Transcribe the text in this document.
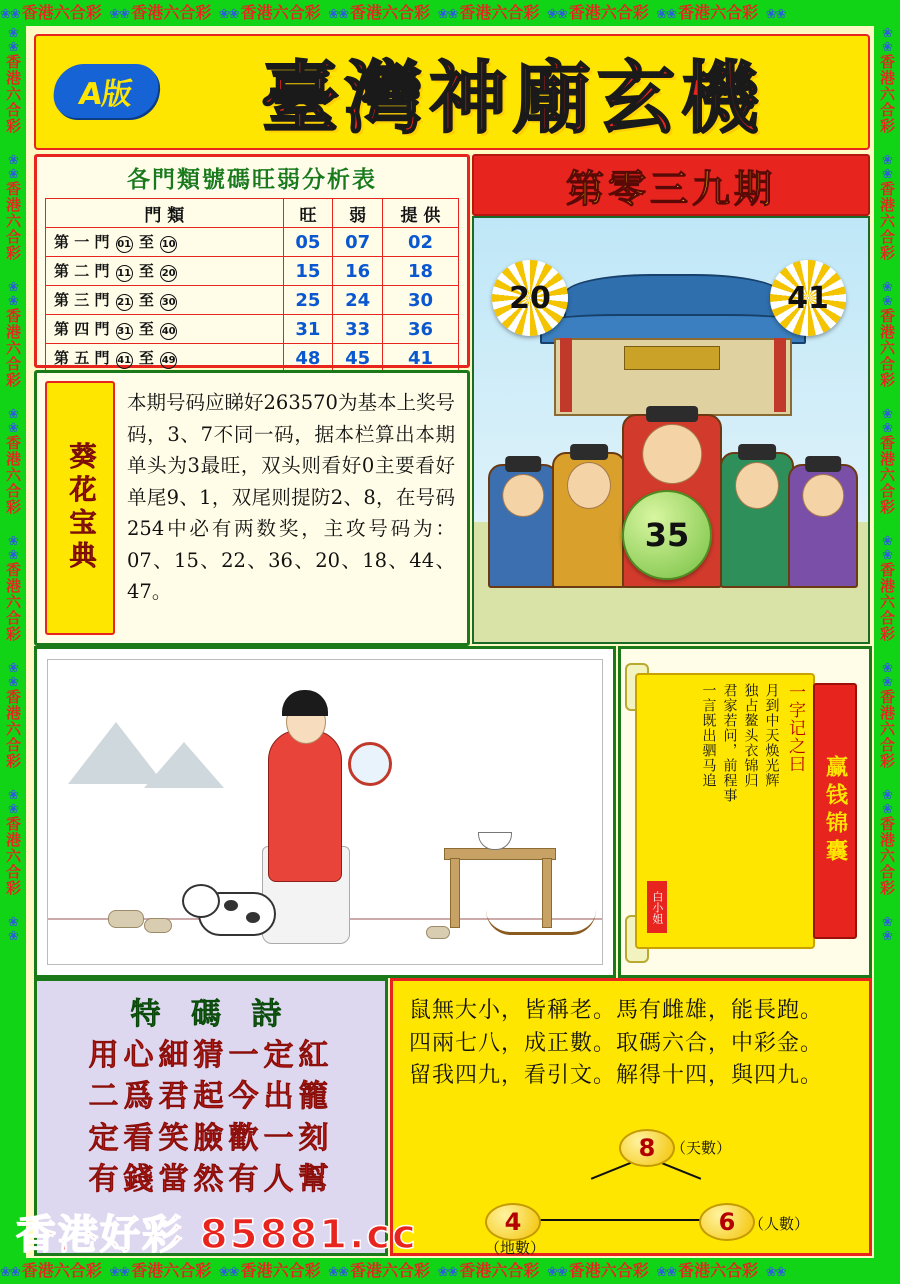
❀❀ 香港六合彩 ❀❀ 香港六合彩 ❀❀ 香港六合彩 ❀❀ 香港六合彩 ❀❀ 香港六合彩 ❀❀ 香港六合彩 ❀❀ 香港六合彩 ❀❀
❀❀ 香港六合彩 ❀❀ 香港六合彩 ❀❀ 香港六合彩 ❀❀ 香港六合彩 ❀❀ 香港六合彩 ❀❀ 香港六合彩 ❀❀ 香港六合彩 ❀❀
❀❀香港六合彩 ❀❀香港六合彩 ❀❀香港六合彩 ❀❀香港六合彩 ❀❀香港六合彩 ❀❀香港六合彩 ❀❀香港六合彩 ❀❀
❀❀香港六合彩 ❀❀香港六合彩 ❀❀香港六合彩 ❀❀香港六合彩 ❀❀香港六合彩 ❀❀香港六合彩 ❀❀香港六合彩 ❀❀
A版	臺灣神廟玄機
各門類號碼旺弱分析表
門 類	旺	弱	提 供
第 一 門 01 至 10	05	07	02
第 二 門 11 至 20	15	16	18
第 三 門 21 至 30	25	24	30
第 四 門 31 至 40	31	33	36
第 五 門 41 至 49	48	45	41
第零三九期
20	41
35
葵花宝典
本期号码应睇好263570为基本上奖号码，3、7不同一码，据本栏算出本期单头为3最旺，双头则看好0主要看好单尾9、1，双尾则提防2、8，在号码254中必有两数奖，主攻号码为：07、15、22、36、20、18、44、47。
一字记之曰
月到中天焕光辉
独占鳌头衣锦归
君家若问，前程事
一言既出驷马追
白小姐
赢钱锦囊
特 碼 詩
用心細猜一定紅
二爲君起今出籠
定看笑臉歡一刻
有錢當然有人幫
鼠無大小，皆稱老。馬有雌雄，能長跑。
四兩七八，成正數。取碼六合，中彩金。
留我四九，看引文。解得十四，與四九。
8 （天數）
4
（地數）
6 （人數）
香港好彩 85881.cc
